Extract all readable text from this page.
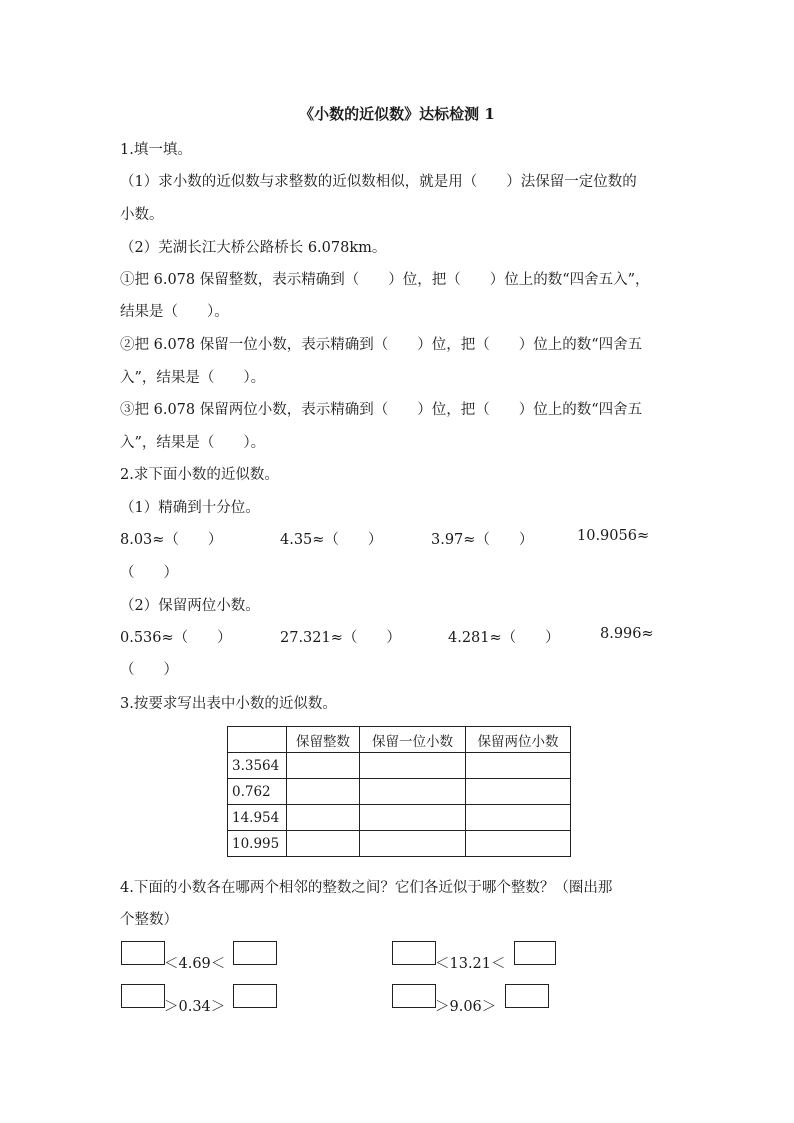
《小数的近似数》达标检测 1
1.填一填。
（1）求小数的近似数与求整数的近似数相似，就是用（　　）法保留一定位数的
小数。
（2）芜湖长江大桥公路桥长 6.078km。
①把 6.078 保留整数，表示精确到（　　）位，把（　　）位上的数“四舍五入”，
结果是（　　）。
②把 6.078 保留一位小数，表示精确到（　　）位，把（　　）位上的数“四舍五
入”，结果是（　　）。
③把 6.078 保留两位小数，表示精确到（　　）位，把（　　）位上的数“四舍五
入”，结果是（　　）。
2.求下面小数的近似数。
（1）精确到十分位。
8.03≈（　　）	4.35≈（　　）	3.97≈（　　）	10.9056≈
（　　）
（2）保留两位小数。
0.536≈（　　）	27.321≈（　　）	4.281≈（　　）	8.996≈
（　　）
3.按要求写出表中小数的近似数。
	保留整数	保留一位小数	保留两位小数
3.3564			
0.762			
14.954			
10.995			
4.下面的小数各在哪两个相邻的整数之间？它们各近似于哪个整数？（圈出那
个整数）
＜4.69＜	＜13.21＜
＞0.34＞	＞9.06＞
